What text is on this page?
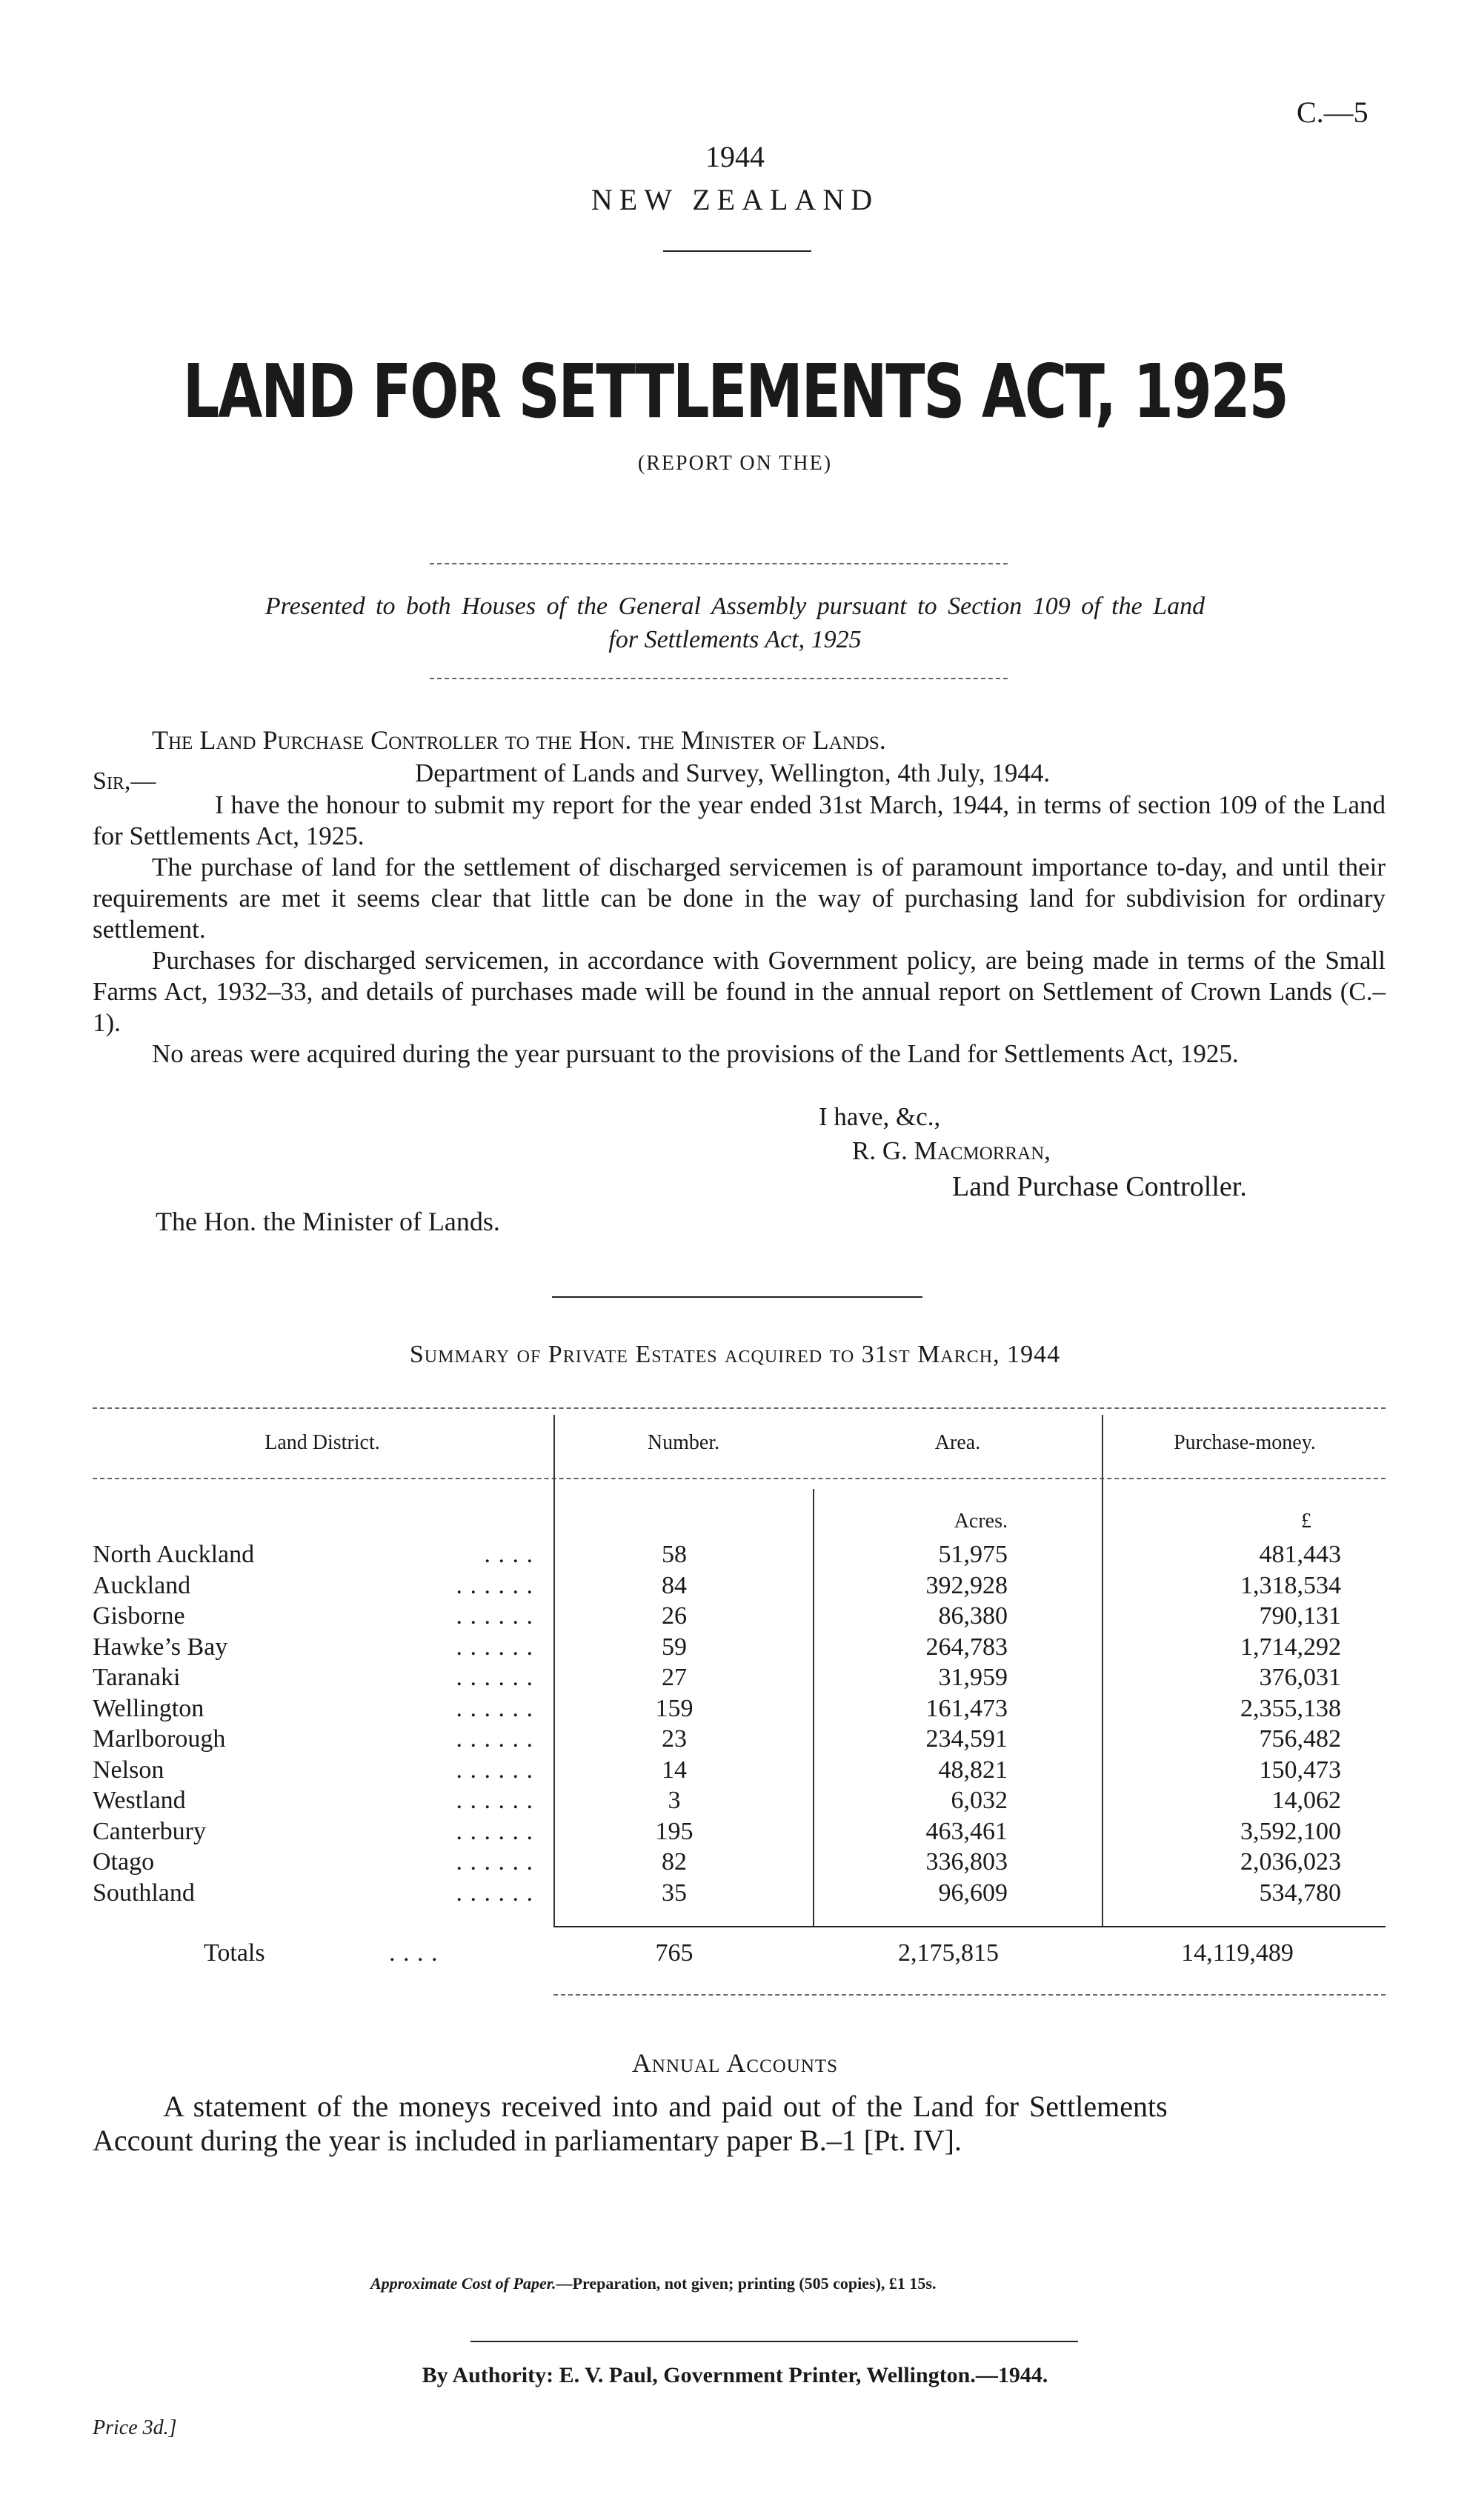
C.—5
1944
NEW ZEALAND
LAND FOR SETTLEMENTS ACT, 1925
(REPORT ON THE)
Presented to both Houses of the General Assembly pursuant to Section 109 of the Land
for Settlements Act, 1925
The Land Purchase Controller to the Hon. the Minister of Lands.
Sir,—	Department of Lands and Survey, Wellington, 4th July, 1944.
I have the honour to submit my report for the year ended 31st March, 1944, in terms of section 109 of the Land for Settlements Act, 1925.
The purchase of land for the settlement of discharged servicemen is of paramount importance to-day, and until their requirements are met it seems clear that little can be done in the way of purchasing land for subdivision for ordinary settlement.
Purchases for discharged servicemen, in accordance with Government policy, are being made in terms of the Small Farms Act, 1932–33, and details of purchases made will be found in the annual report on Settlement of Crown Lands (C.–1).
No areas were acquired during the year pursuant to the provisions of the Land for Settlements Act, 1925.
I have, &c.,
R. G. Macmorran,
Land Purchase Controller.
The Hon. the Minister of Lands.
Summary of Private Estates acquired to 31st March, 1944
Land District.	Number.	Area.	Purchase-money.
Acres.	£
North Auckland	. . . .	58	51,975	481,443
Auckland	. . . . . .	84	392,928	1,318,534
Gisborne	. . . . . .	26	86,380	790,131
Hawke’s Bay	. . . . . .	59	264,783	1,714,292
Taranaki	. . . . . .	27	31,959	376,031
Wellington	. . . . . .	159	161,473	2,355,138
Marlborough	. . . . . .	23	234,591	756,482
Nelson	. . . . . .	14	48,821	150,473
Westland	. . . . . .	3	6,032	14,062
Canterbury	. . . . . .	195	463,461	3,592,100
Otago	. . . . . .	82	336,803	2,036,023
Southland	. . . . . .	35	96,609	534,780
Totals	. . . .	765	2,175,815	14,119,489
Annual Accounts
A statement of the moneys received into and paid out of the Land for Settlements
Account during the year is included in parliamentary paper B.–1 [Pt. IV].
Approximate Cost of Paper.—Preparation, not given; printing (505 copies), £1 15s.
By Authority: E. V. Paul, Government Printer, Wellington.—1944.
Price 3d.]
